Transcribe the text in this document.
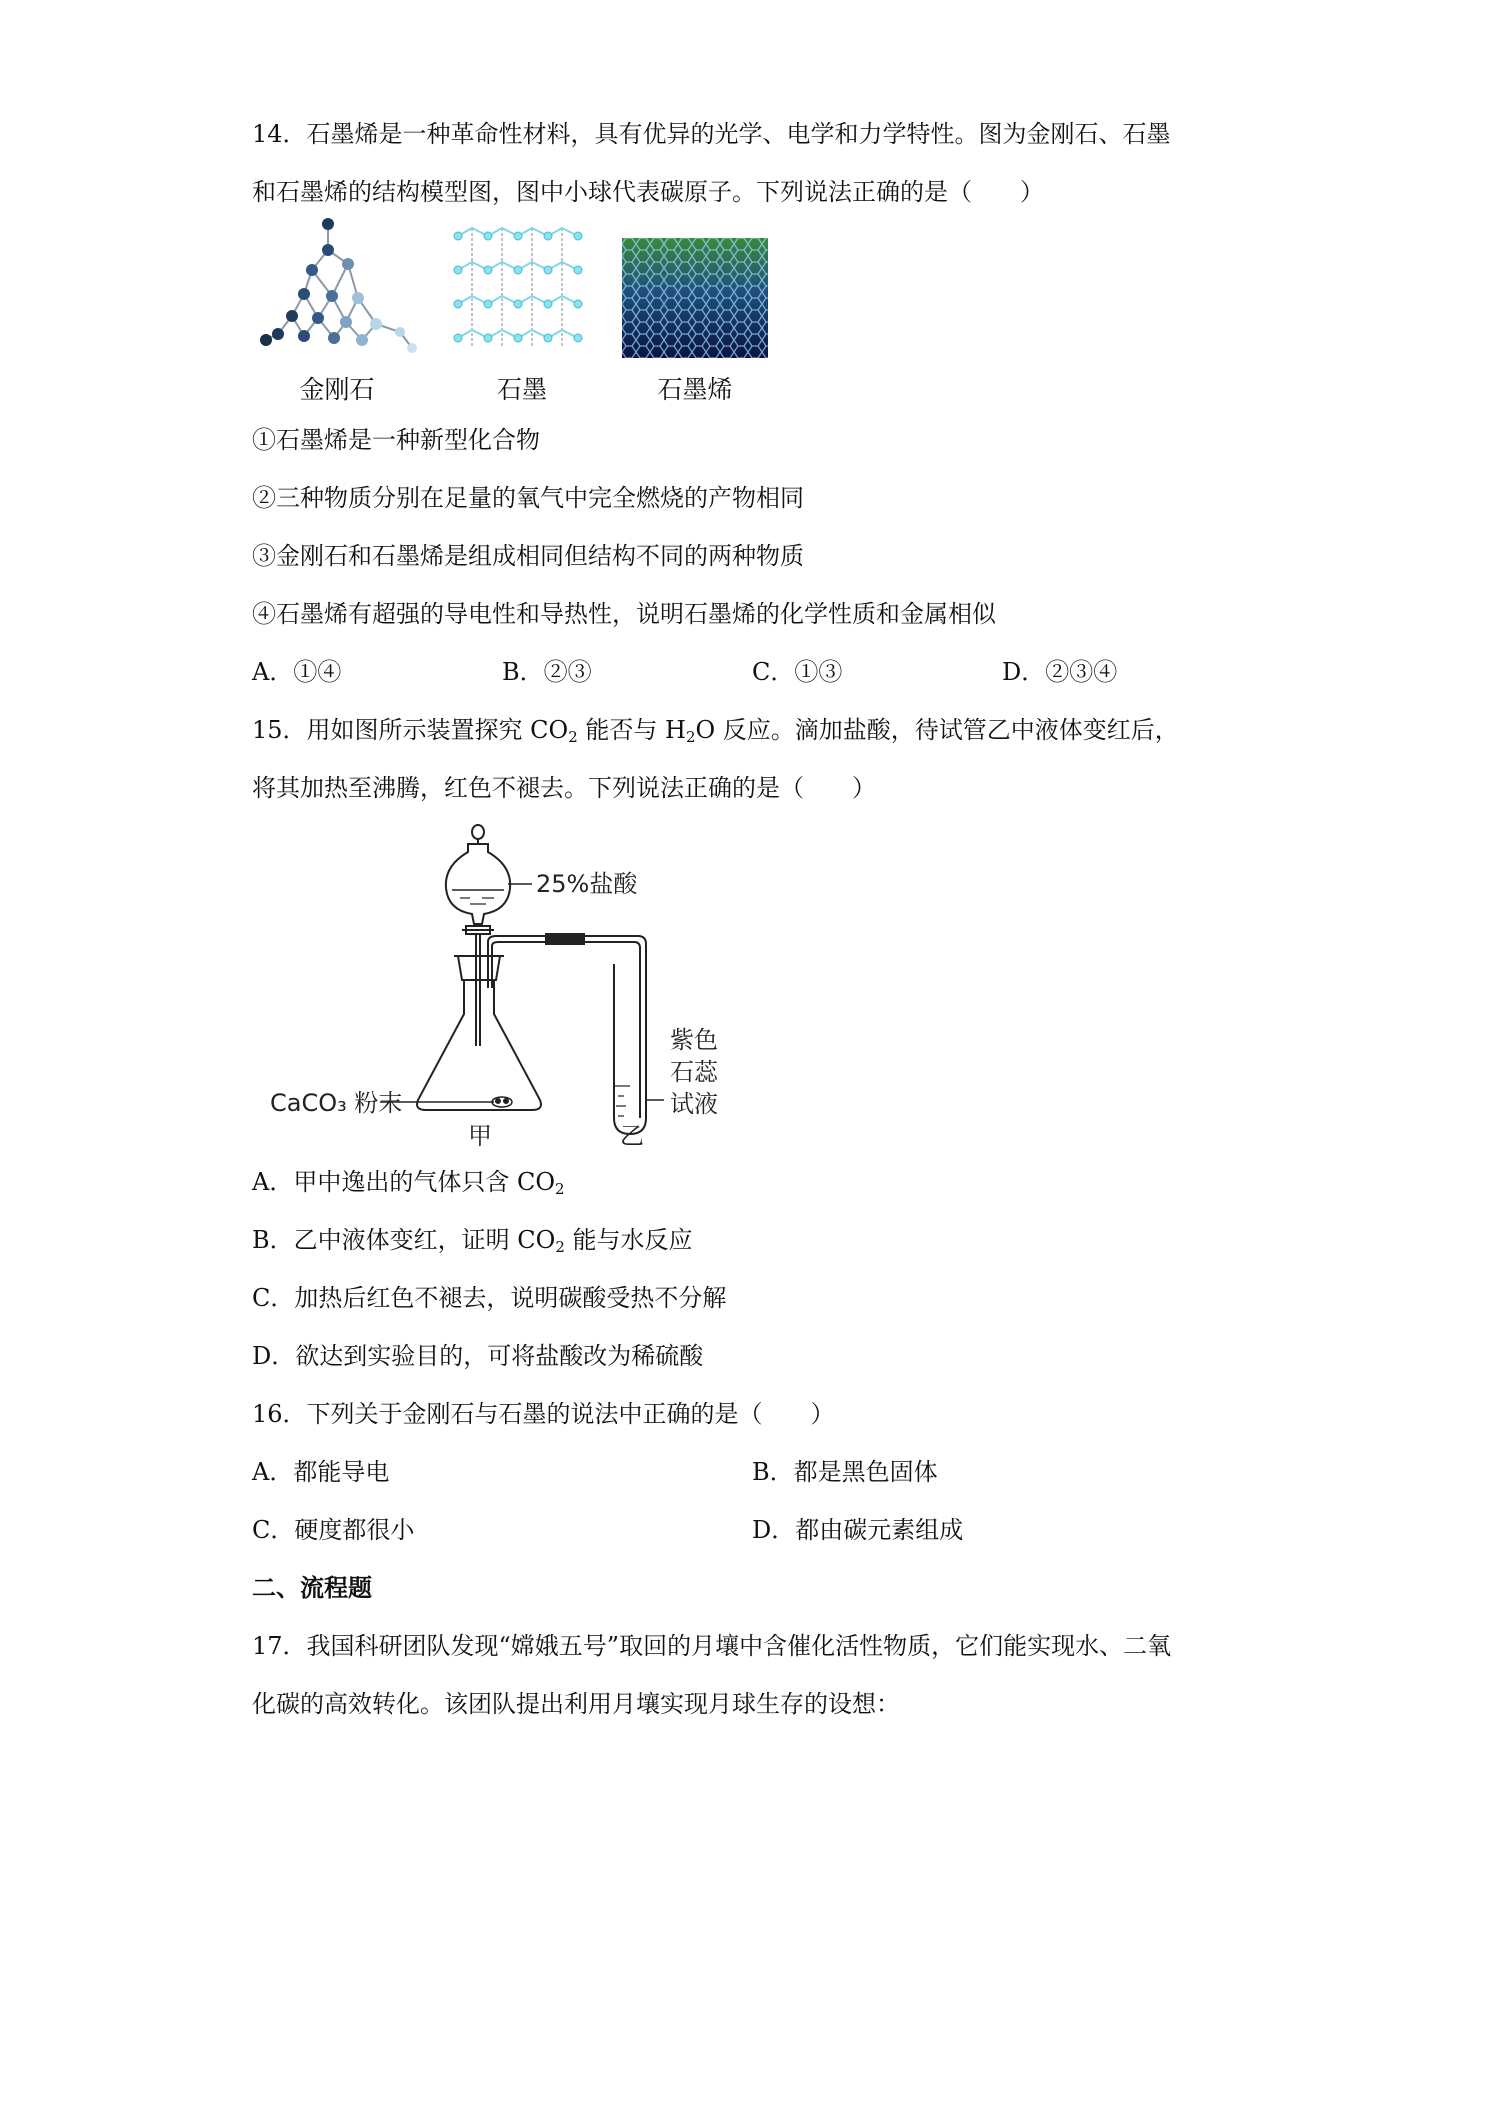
14．石墨烯是一种革命性材料，具有优异的光学、电学和力学特性。图为金刚石、石墨

和石墨烯的结构模型图，图中小球代表碳原子。下列说法正确的是（　　）

金刚石	石墨	石墨烯

①石墨烯是一种新型化合物

②三种物质分别在足量的氧气中完全燃烧的产物相同

③金刚石和石墨烯是组成相同但结构不同的两种物质

④石墨烯有超强的导电性和导热性，说明石墨烯的化学性质和金属相似

A．①④	B．②③	C．①③	D．②③④

15．用如图所示装置探究 $CO_2$ 能否与 $H_2O$ 反应。滴加盐酸，待试管乙中液体变红后，

将其加热至沸腾，红色不褪去。下列说法正确的是（　　）

25%盐酸
CaCO₃ 粉末
甲
紫色
石蕊
试液
乙

A．甲中逸出的气体只含 $CO_2$

B．乙中液体变红，证明 $CO_2$ 能与水反应

C．加热后红色不褪去，说明碳酸受热不分解

D．欲达到实验目的，可将盐酸改为稀硫酸

16．下列关于金刚石与石墨的说法中正确的是（　　）

A．都能导电	B．都是黑色固体
C．硬度都很小	D．都由碳元素组成

二、流程题

17．我国科研团队发现“嫦娥五号”取回的月壤中含催化活性物质，它们能实现水、二氧

化碳的高效转化。该团队提出利用月壤实现月球生存的设想：
